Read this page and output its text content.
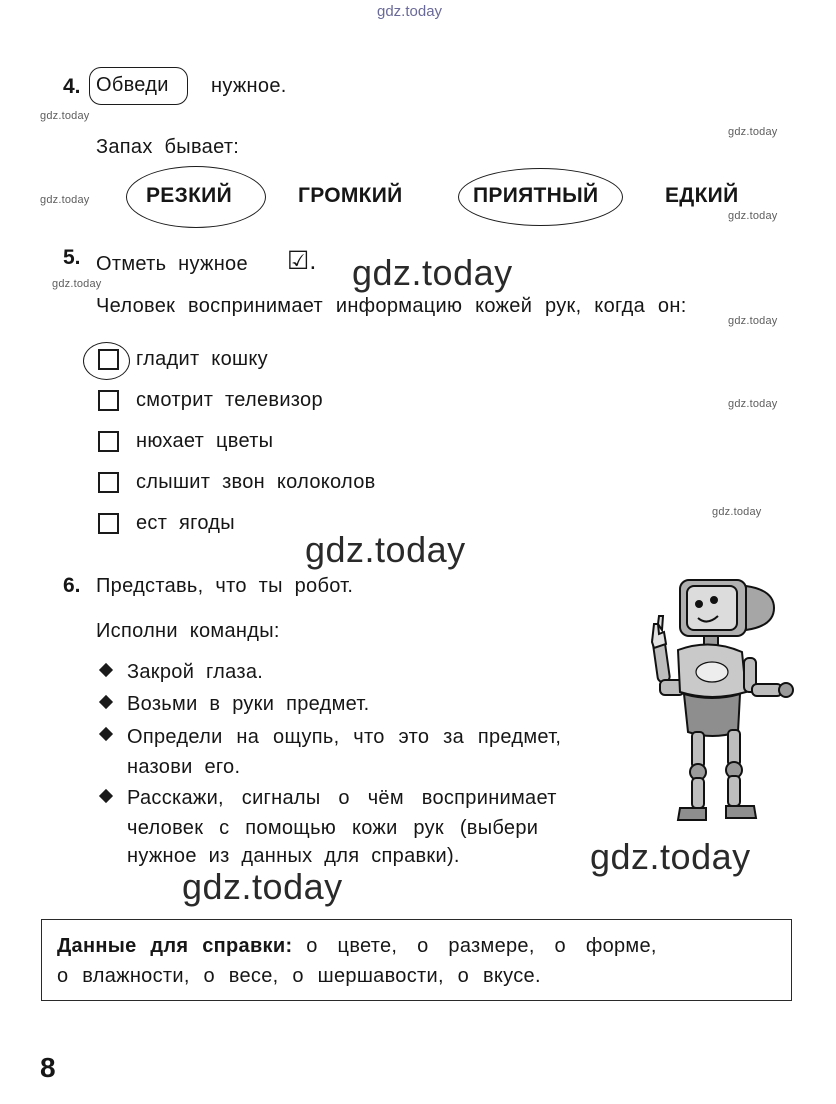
gdz.today
gdz.today
gdz.today
gdz.today
gdz.today
gdz.today
gdz.today
gdz.today
gdz.today
gdz.today
gdz.today
gdz.today
gdz.today
4. Обведи нужное.
Запах бывает:
РЕЗКИЙ	ГРОМКИЙ	ПРИЯТНЫЙ	ЕДКИЙ
5. Отметь нужное ☑.
Человек воспринимает информацию кожей рук, когда он:
гладит кошку
смотрит телевизор
нюхает цветы
слышит звон колоколов
ест ягоды
6. Представь, что ты робот.
Исполни команды:
Закрой глаза.
Возьми в руки предмет.
Определи на ощупь, что это за предмет,
назови его.
Расскажи, сигналы о чём воспринимает
человек с помощью кожи рук (выбери
нужное из данных для справки).
Данные для справки: о цвете, о размере, о форме,
о влажности, о весе, о шершавости, о вкусе.
8
